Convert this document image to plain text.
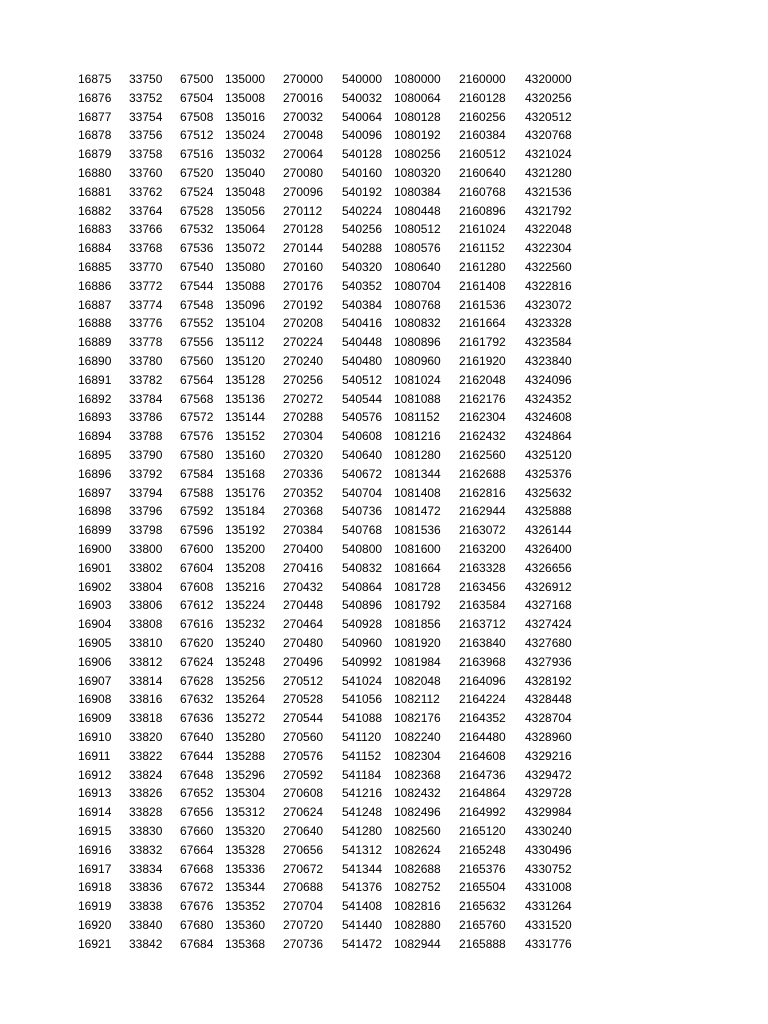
16875 33750 67500 135000 270000 540000 1080000 2160000 4320000
16876 33752 67504 135008 270016 540032 1080064 2160128 4320256
16877 33754 67508 135016 270032 540064 1080128 2160256 4320512
16878 33756 67512 135024 270048 540096 1080192 2160384 4320768
16879 33758 67516 135032 270064 540128 1080256 2160512 4321024
16880 33760 67520 135040 270080 540160 1080320 2160640 4321280
16881 33762 67524 135048 270096 540192 1080384 2160768 4321536
16882 33764 67528 135056 270112 540224 1080448 2160896 4321792
16883 33766 67532 135064 270128 540256 1080512 2161024 4322048
16884 33768 67536 135072 270144 540288 1080576 2161152 4322304
16885 33770 67540 135080 270160 540320 1080640 2161280 4322560
16886 33772 67544 135088 270176 540352 1080704 2161408 4322816
16887 33774 67548 135096 270192 540384 1080768 2161536 4323072
16888 33776 67552 135104 270208 540416 1080832 2161664 4323328
16889 33778 67556 135112 270224 540448 1080896 2161792 4323584
16890 33780 67560 135120 270240 540480 1080960 2161920 4323840
16891 33782 67564 135128 270256 540512 1081024 2162048 4324096
16892 33784 67568 135136 270272 540544 1081088 2162176 4324352
16893 33786 67572 135144 270288 540576 1081152 2162304 4324608
16894 33788 67576 135152 270304 540608 1081216 2162432 4324864
16895 33790 67580 135160 270320 540640 1081280 2162560 4325120
16896 33792 67584 135168 270336 540672 1081344 2162688 4325376
16897 33794 67588 135176 270352 540704 1081408 2162816 4325632
16898 33796 67592 135184 270368 540736 1081472 2162944 4325888
16899 33798 67596 135192 270384 540768 1081536 2163072 4326144
16900 33800 67600 135200 270400 540800 1081600 2163200 4326400
16901 33802 67604 135208 270416 540832 1081664 2163328 4326656
16902 33804 67608 135216 270432 540864 1081728 2163456 4326912
16903 33806 67612 135224 270448 540896 1081792 2163584 4327168
16904 33808 67616 135232 270464 540928 1081856 2163712 4327424
16905 33810 67620 135240 270480 540960 1081920 2163840 4327680
16906 33812 67624 135248 270496 540992 1081984 2163968 4327936
16907 33814 67628 135256 270512 541024 1082048 2164096 4328192
16908 33816 67632 135264 270528 541056 1082112 2164224 4328448
16909 33818 67636 135272 270544 541088 1082176 2164352 4328704
16910 33820 67640 135280 270560 541120 1082240 2164480 4328960
16911 33822 67644 135288 270576 541152 1082304 2164608 4329216
16912 33824 67648 135296 270592 541184 1082368 2164736 4329472
16913 33826 67652 135304 270608 541216 1082432 2164864 4329728
16914 33828 67656 135312 270624 541248 1082496 2164992 4329984
16915 33830 67660 135320 270640 541280 1082560 2165120 4330240
16916 33832 67664 135328 270656 541312 1082624 2165248 4330496
16917 33834 67668 135336 270672 541344 1082688 2165376 4330752
16918 33836 67672 135344 270688 541376 1082752 2165504 4331008
16919 33838 67676 135352 270704 541408 1082816 2165632 4331264
16920 33840 67680 135360 270720 541440 1082880 2165760 4331520
16921 33842 67684 135368 270736 541472 1082944 2165888 4331776
